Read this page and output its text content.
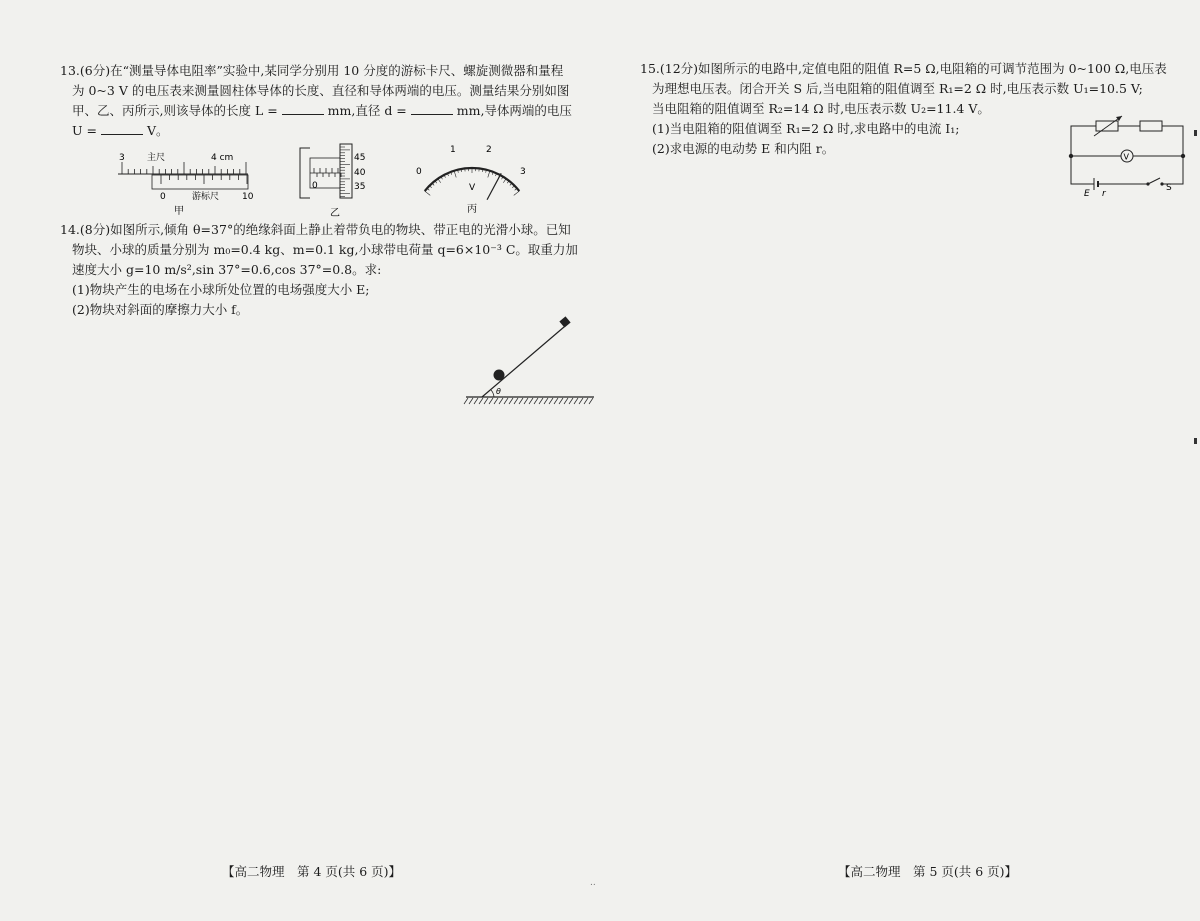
13.(6分)在“测量导体电阻率”实验中,某同学分别用 10 分度的游标卡尺、螺旋测微器和量程

为 0~3 V 的电压表来测量圆柱体导体的长度、直径和导体两端的电压。测量结果分别如图

甲、乙、丙所示,则该导体的长度 L =	mm,直径 d =	mm,导体两端的电压

U =	V。

3 主尺	4 cm
0	游标尺	10
甲
45
40
35
0
乙
0
1	2
3
V
丙

14.(8分)如图所示,倾角 θ=37°的绝缘斜面上静止着带负电的物块、带正电的光滑小球。已知

物块、小球的质量分别为 m₀=0.4 kg、m=0.1 kg,小球带电荷量 q=6×10⁻³ C。取重力加

速度大小 g=10 m/s²,sin 37°=0.6,cos 37°=0.8。求:

(1)物块产生的电场在小球所处位置的电场强度大小 E;

(2)物块对斜面的摩擦力大小 f。

θ
【高二物理　第 4 页(共 6 页)】
..

15.(12分)如图所示的电路中,定值电阻的阻值 R=5 Ω,电阻箱的可调节范围为 0~100 Ω,电压表

为理想电压表。闭合开关 S 后,当电阻箱的阻值调至 R₁=2 Ω 时,电压表示数 U₁=10.5 V;

当电阻箱的阻值调至 R₂=14 Ω 时,电压表示数 U₂=11.4 V。

(1)当电阻箱的阻值调至 R₁=2 Ω 时,求电路中的电流 I₁;

(2)求电源的电动势 E 和内阻 r。

V
E r
S
【高二物理　第 5 页(共 6 页)】
